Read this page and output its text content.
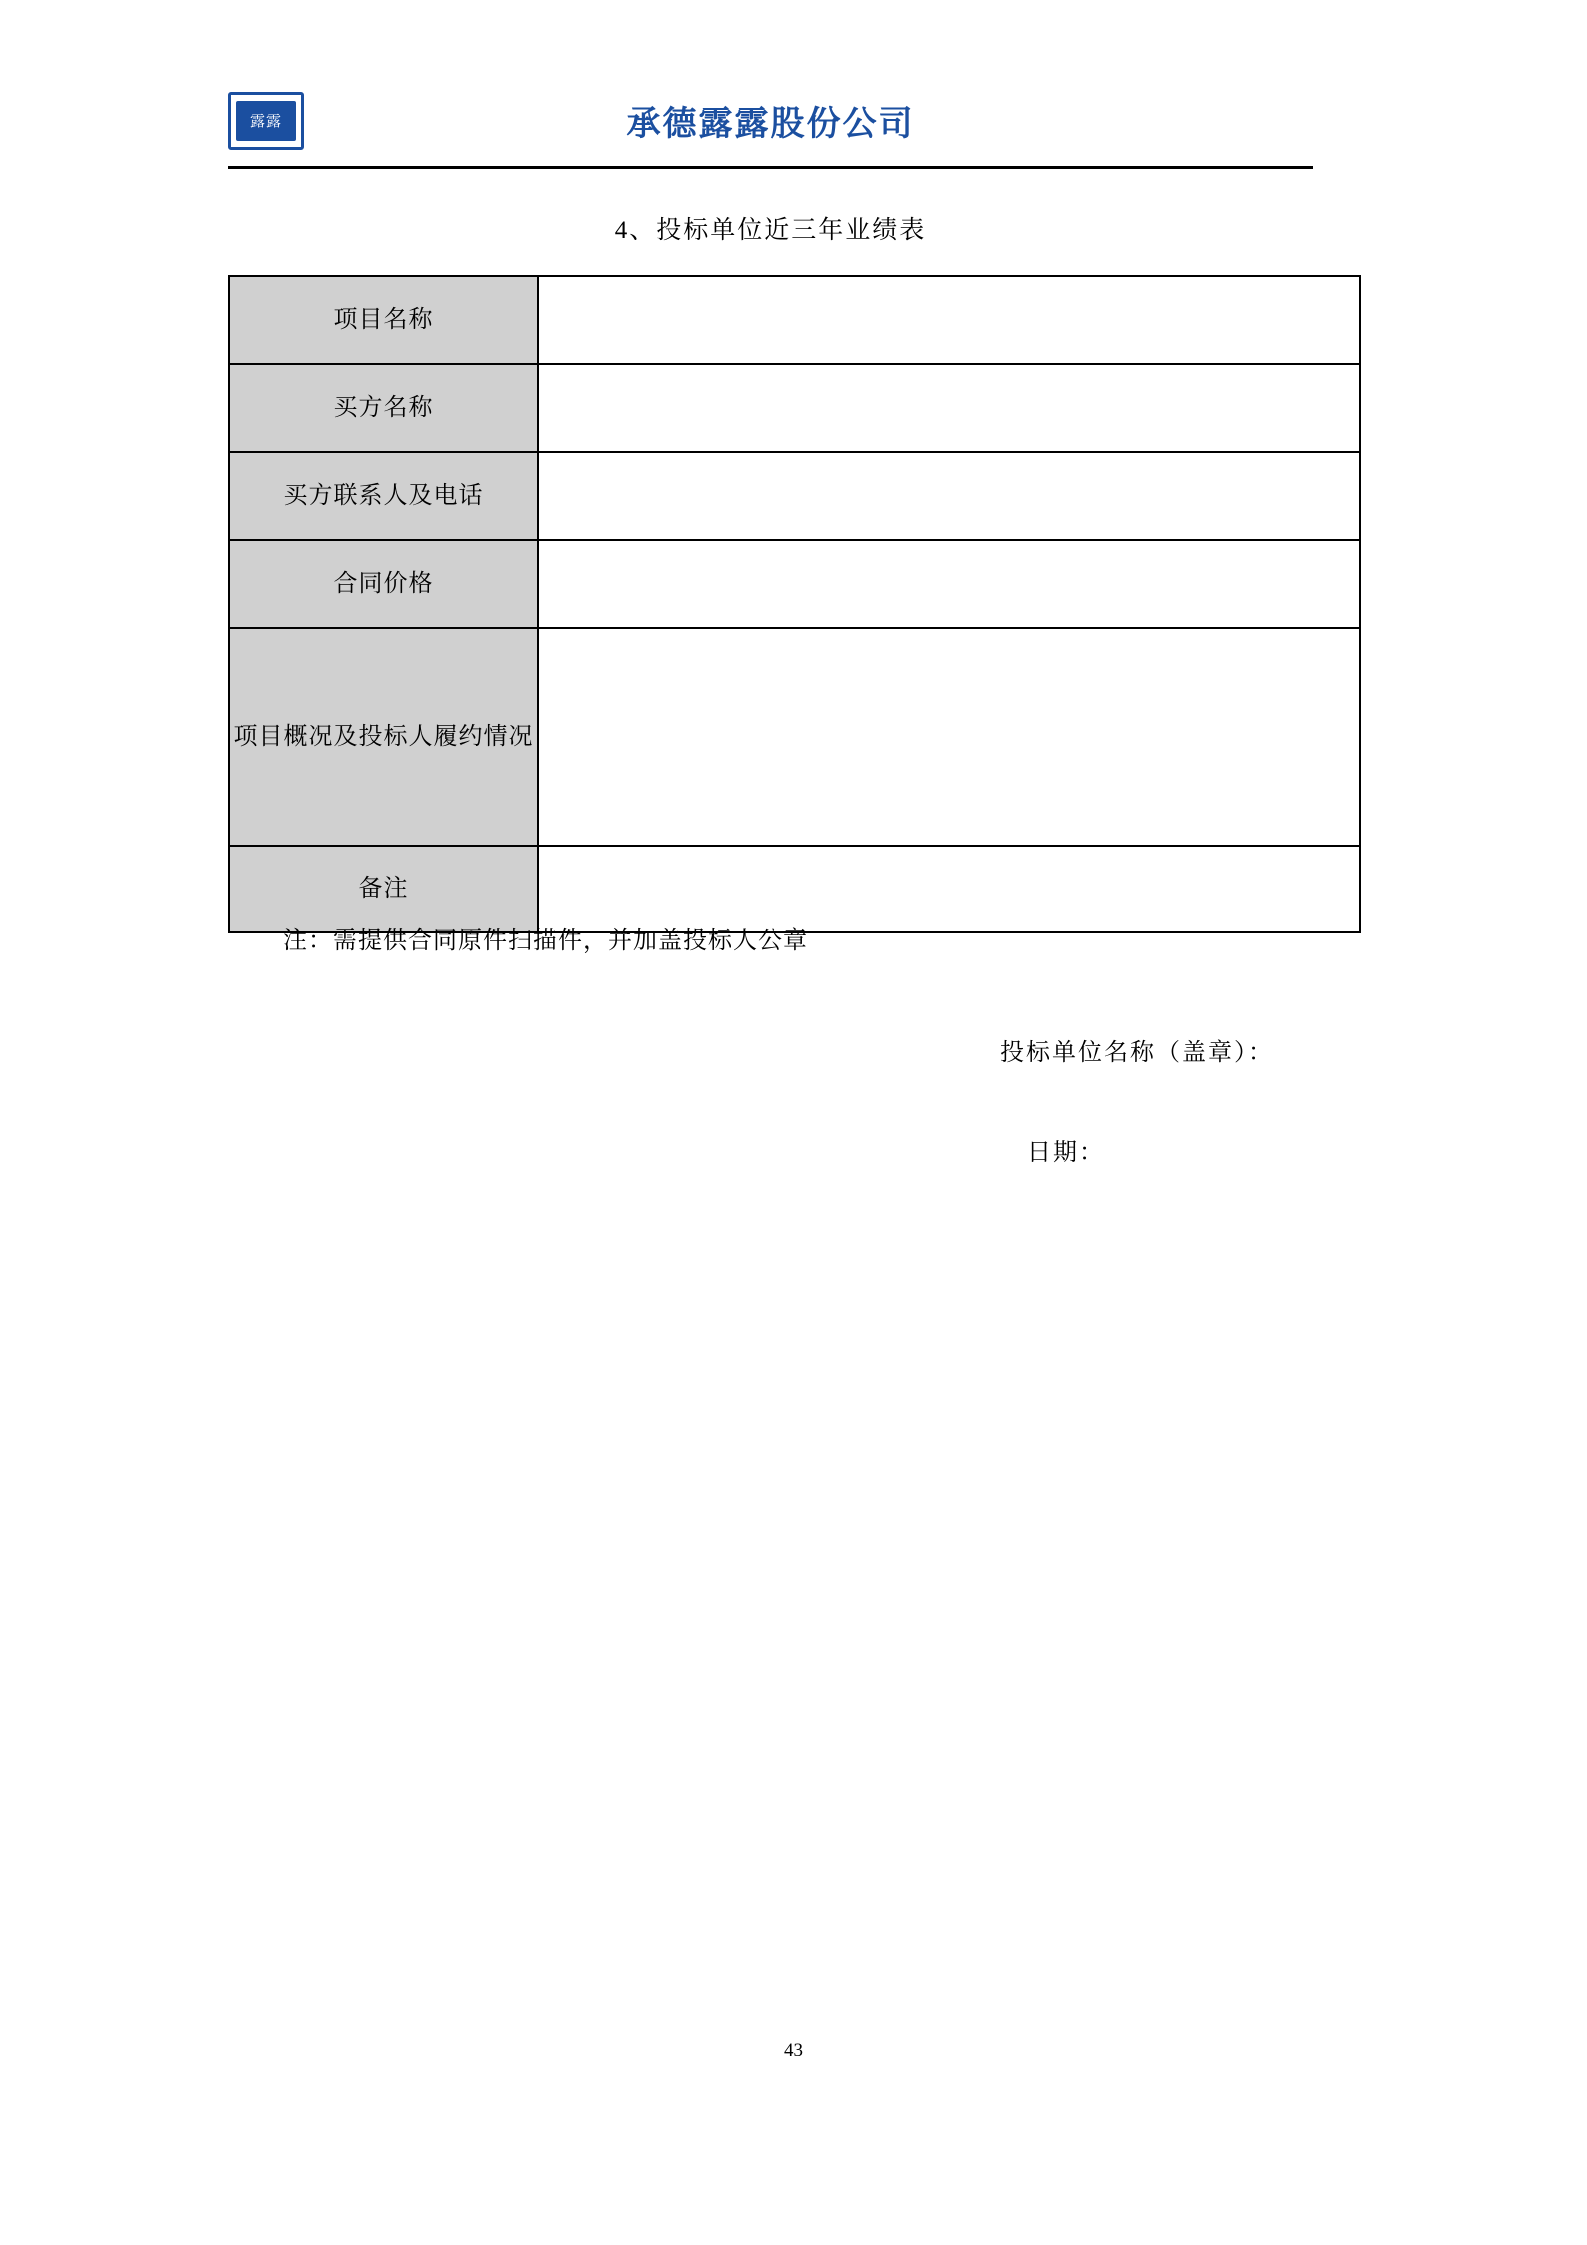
露露	承德露露股份公司
4、投标单位近三年业绩表
项目名称	
买方名称	
买方联系人及电话	
合同价格	
项目概况及投标人履约情况	
备注	
注：需提供合同原件扫描件，并加盖投标人公章
投标单位名称（盖章）：
日期：
43
